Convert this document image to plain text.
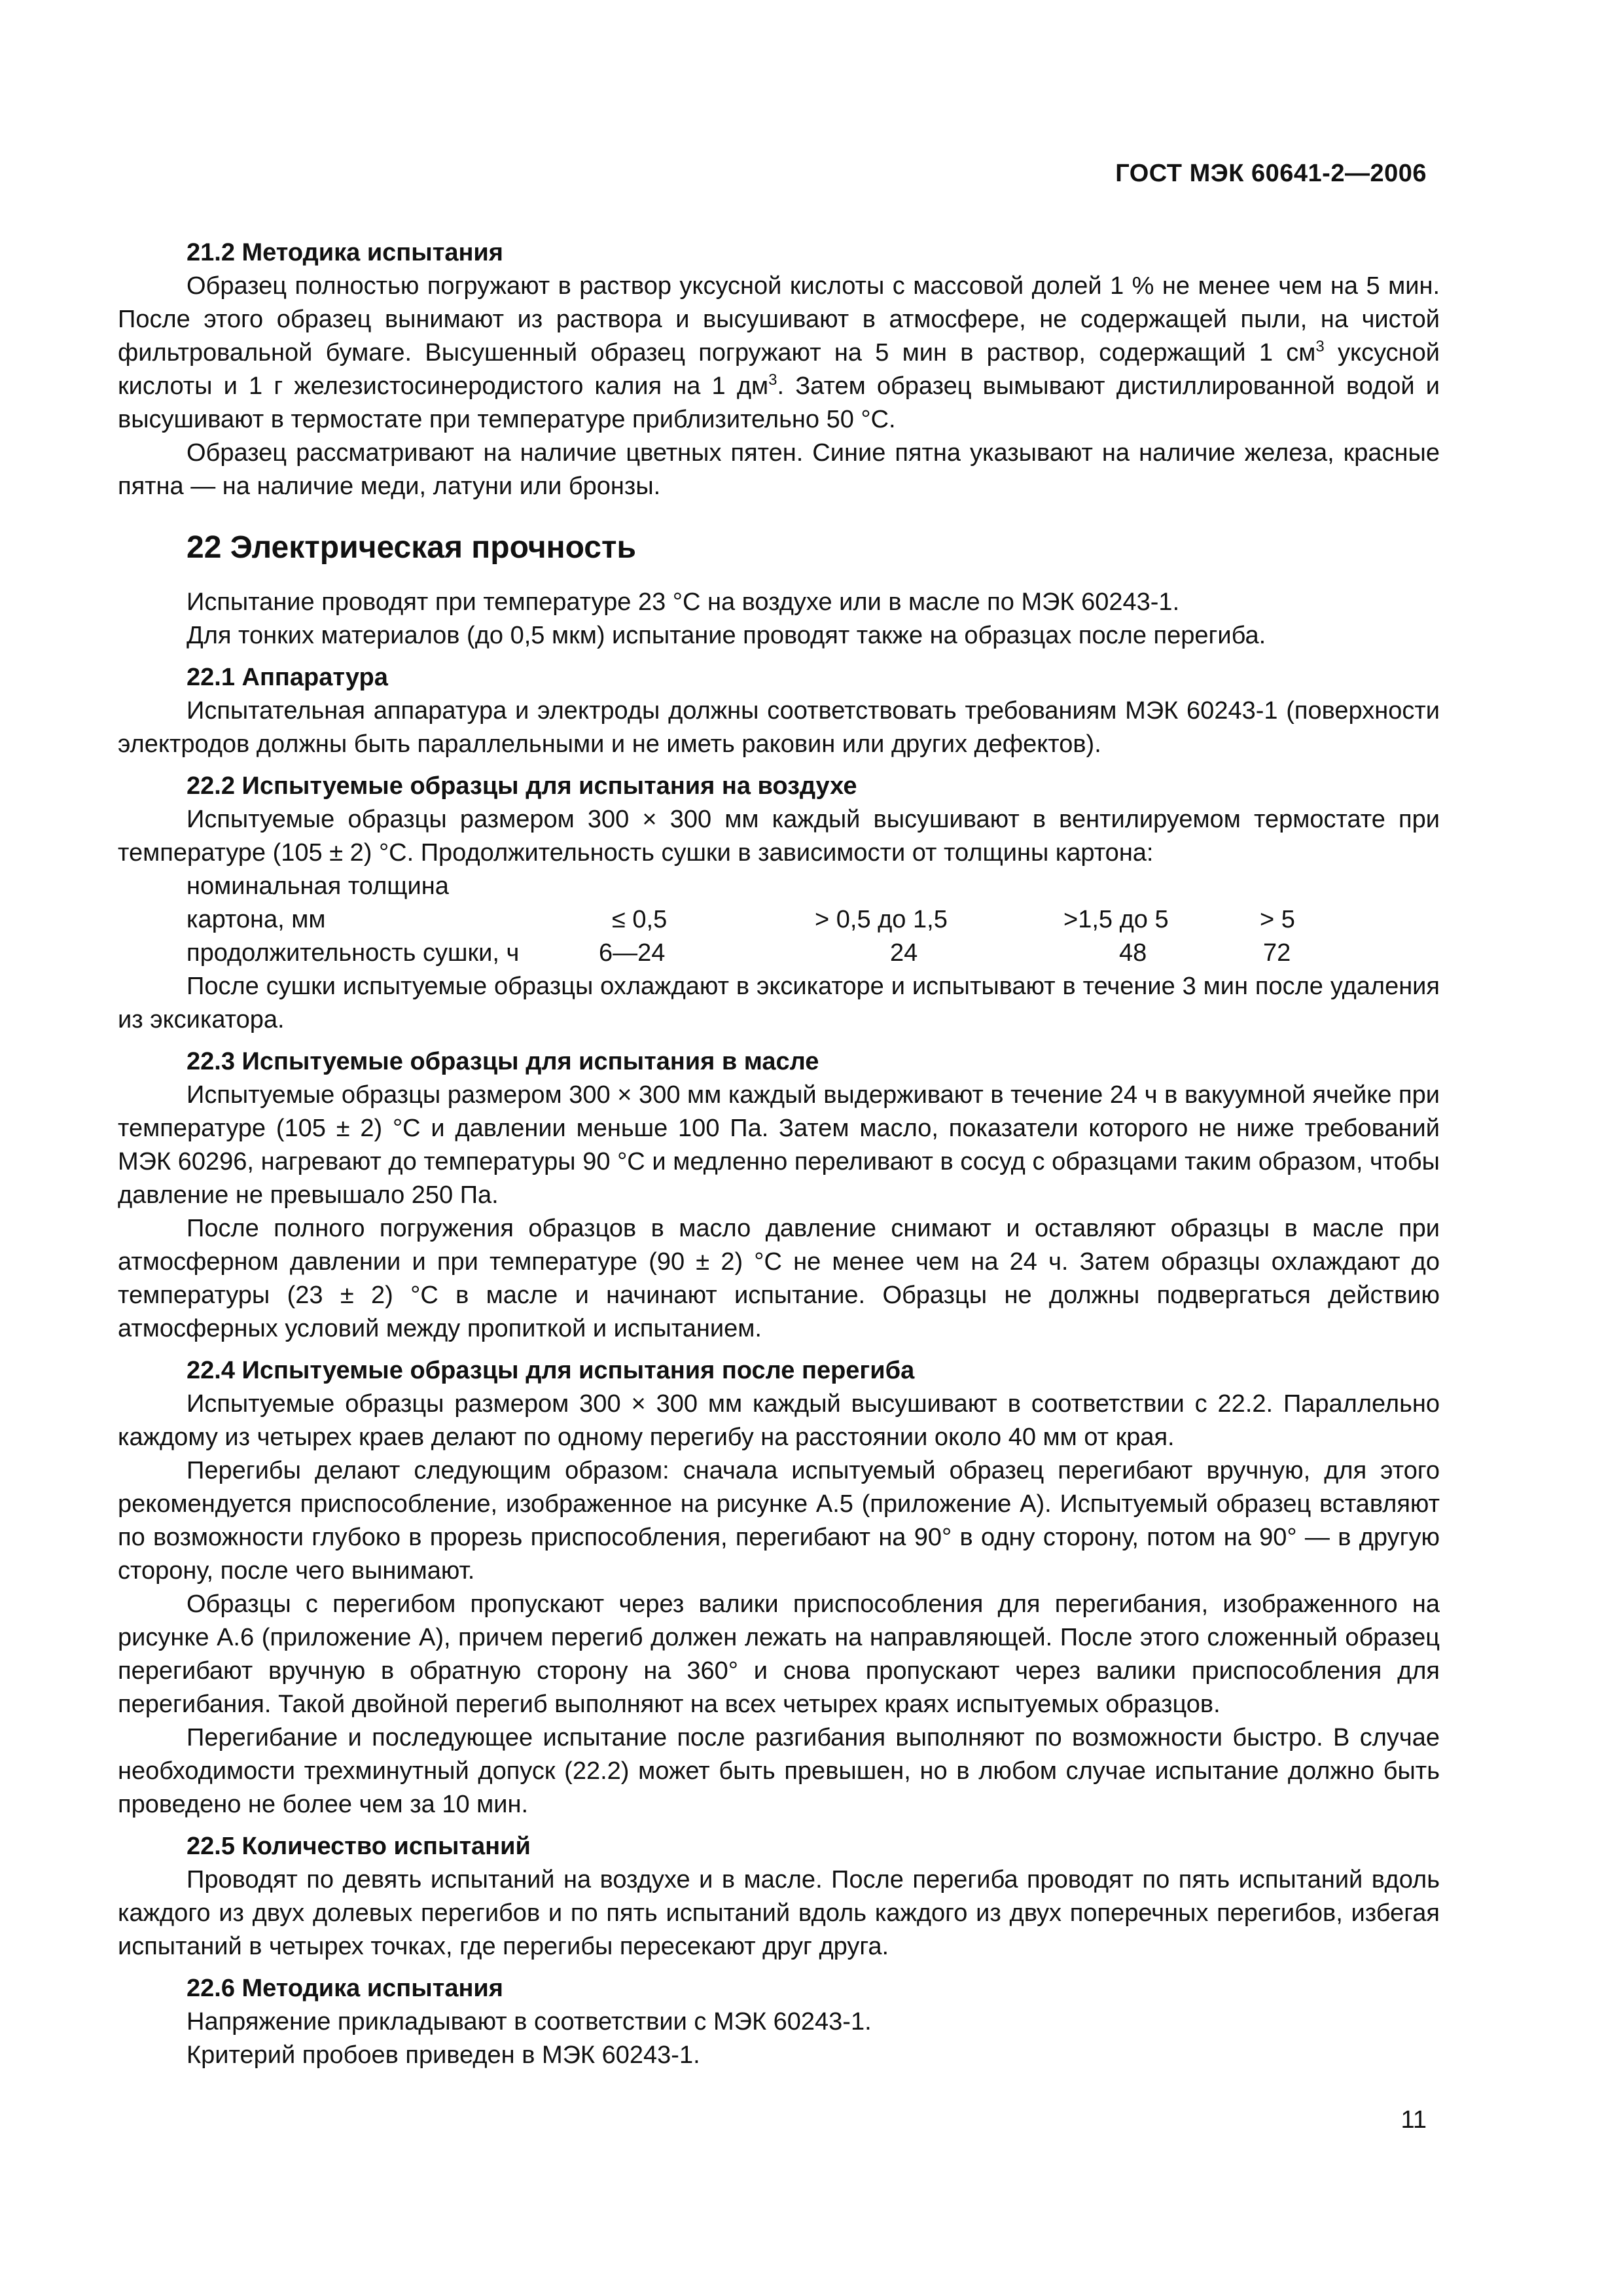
ГОСТ МЭК 60641-2—2006
21.2 Методика испытания

Образец полностью погружают в раствор уксусной кислоты с массовой долей 1 % не менее чем на 5 мин. После этого образец вынимают из раствора и высушивают в атмосфере, не содержащей пыли, на чистой фильтровальной бумаге. Высушенный образец погружают на 5 мин в раствор, содержащий 1 $см^3$ уксусной кислоты и 1 г железистосинеродистого калия на 1 $дм^3$. Затем образец вымывают дистиллированной водой и высушивают в термостате при температуре приблизительно 50 °С.

Образец рассматривают на наличие цветных пятен. Синие пятна указывают на наличие железа, красные пятна — на наличие меди, латуни или бронзы.

22 Электрическая прочность

Испытание проводят при температуре 23 °С на воздухе или в масле по МЭК 60243-1.

Для тонких материалов (до 0,5 мкм) испытание проводят также на образцах после перегиба.

22.1 Аппаратура

Испытательная аппаратура и электроды должны соответствовать требованиям МЭК 60243-1 (поверхности электродов должны быть параллельными и не иметь раковин или других дефектов).

22.2 Испытуемые образцы для испытания на воздухе

Испытуемые образцы размером 300 × 300 мм каждый высушивают в вентилируемом термостате при температуре (105 ± 2) °С. Продолжительность сушки в зависимости от толщины картона:

номинальная толщина
картона, мм	≤ 0,5	> 0,5 до 1,5	>1,5 до 5	> 5
продолжительность сушки, ч	6—24	24	48	72

После сушки испытуемые образцы охлаждают в эксикаторе и испытывают в течение 3 мин после удаления из эксикатора.

22.3 Испытуемые образцы для испытания в масле

Испытуемые образцы размером 300 × 300 мм каждый выдерживают в течение 24 ч в вакуумной ячейке при температуре (105 ± 2) °С и давлении меньше 100 Па. Затем масло, показатели которого не ниже требований МЭК 60296, нагревают до температуры 90 °С и медленно переливают в сосуд с образцами таким образом, чтобы давление не превышало 250 Па.

После полного погружения образцов в масло давление снимают и оставляют образцы в масле при атмосферном давлении и при температуре (90 ± 2) °С не менее чем на 24 ч. Затем образцы охлаждают до температуры (23 ± 2) °С в масле и начинают испытание. Образцы не должны подвергаться действию атмосферных условий между пропиткой и испытанием.

22.4 Испытуемые образцы для испытания после перегиба

Испытуемые образцы размером 300 × 300 мм каждый высушивают в соответствии с 22.2. Параллельно каждому из четырех краев делают по одному перегибу на расстоянии около 40 мм от края.

Перегибы делают следующим образом: сначала испытуемый образец перегибают вручную, для этого рекомендуется приспособление, изображенное на рисунке А.5 (приложение А). Испытуемый образец вставляют по возможности глубоко в прорезь приспособления, перегибают на 90° в одну сторону, потом на 90° — в другую сторону, после чего вынимают.

Образцы с перегибом пропускают через валики приспособления для перегибания, изображенного на рисунке А.6 (приложение А), причем перегиб должен лежать на направляющей. После этого сложенный образец перегибают вручную в обратную сторону на 360° и снова пропускают через валики приспособления для перегибания. Такой двойной перегиб выполняют на всех четырех краях испытуемых образцов.

Перегибание и последующее испытание после разгибания выполняют по возможности быстро. В случае необходимости трехминутный допуск (22.2) может быть превышен, но в любом случае испытание должно быть проведено не более чем за 10 мин.

22.5 Количество испытаний

Проводят по девять испытаний на воздухе и в масле. После перегиба проводят по пять испытаний вдоль каждого из двух долевых перегибов и по пять испытаний вдоль каждого из двух поперечных перегибов, избегая испытаний в четырех точках, где перегибы пересекают друг друга.

22.6 Методика испытания

Напряжение прикладывают в соответствии с МЭК 60243-1.

Критерий пробоев приведен в МЭК 60243-1.

11
